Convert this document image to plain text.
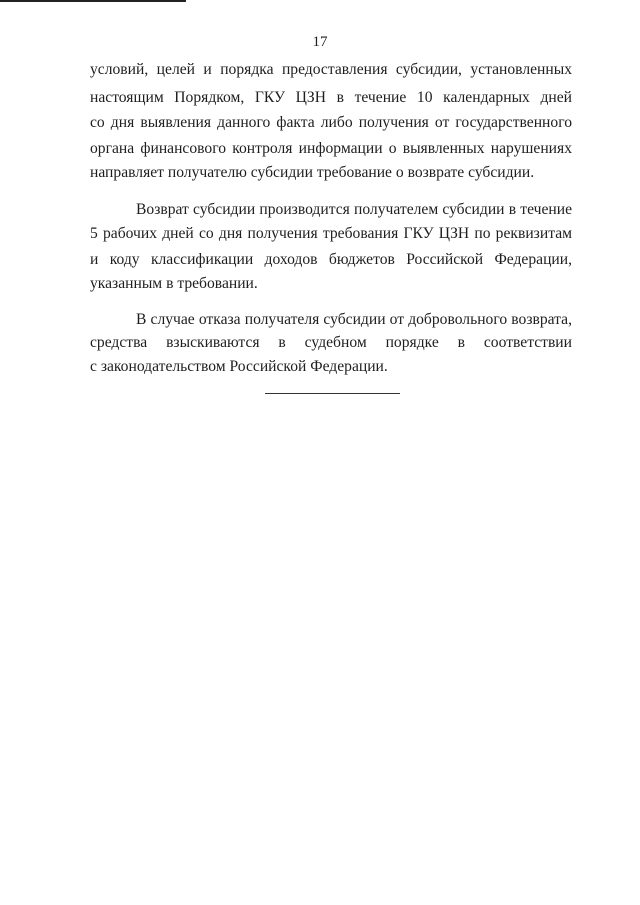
17
условий, целей и порядка предоставления субсидии, установленных
настоящим Порядком, ГКУ ЦЗН в течение 10 календарных дней
со дня выявления данного факта либо получения от государственного
органа финансового контроля информации о выявленных нарушениях
направляет получателю субсидии требование о возврате субсидии.
Возврат субсидии производится получателем субсидии в течение
5 рабочих дней со дня получения требования ГКУ ЦЗН по реквизитам
и коду классификации доходов бюджетов Российской Федерации,
указанным в требовании.
В случае отказа получателя субсидии от добровольного возврата,
средства взыскиваются в судебном порядке в соответствии
с законодательством Российской Федерации.
